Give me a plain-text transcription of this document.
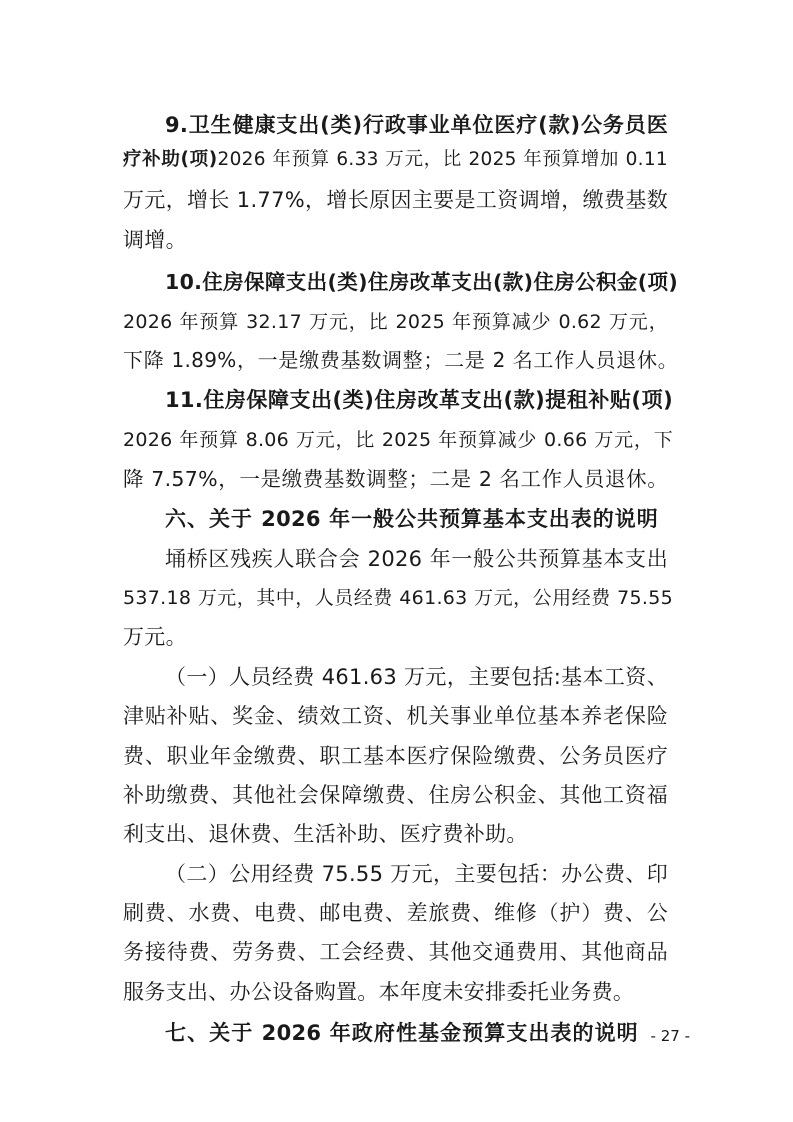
9.卫生健康支出(类)行政事业单位医疗(款)公务员医
疗补助(项)2026 年预算 6.33 万元，比 2025 年预算增加 0.11
万元，增长 1.77%，增长原因主要是工资调增，缴费基数
调增。
10.住房保障支出(类)住房改革支出(款)住房公积金(项)
2026 年预算 32.17 万元，比 2025 年预算减少 0.62 万元，
下降 1.89%，一是缴费基数调整；二是 2 名工作人员退休。
11.住房保障支出(类)住房改革支出(款)提租补贴(项)
2026 年预算 8.06 万元，比 2025 年预算减少 0.66 万元，下
降 7.57%，一是缴费基数调整；二是 2 名工作人员退休。
六、关于 2026 年一般公共预算基本支出表的说明
埇桥区残疾人联合会 2026 年一般公共预算基本支出
537.18 万元，其中，人员经费 461.63 万元，公用经费 75.55
万元。
（一）人员经费 461.63 万元，主要包括:基本工资、
津贴补贴、奖金、绩效工资、机关事业单位基本养老保险
费、职业年金缴费、职工基本医疗保险缴费、公务员医疗
补助缴费、其他社会保障缴费、住房公积金、其他工资福
利支出、退休费、生活补助、医疗费补助。
（二）公用经费 75.55 万元，主要包括：办公费、印
刷费、水费、电费、邮电费、差旅费、维修（护）费、公
务接待费、劳务费、工会经费、其他交通费用、其他商品
服务支出、办公设备购置。本年度未安排委托业务费。
七、关于 2026 年政府性基金预算支出表的说明 - 27 -
